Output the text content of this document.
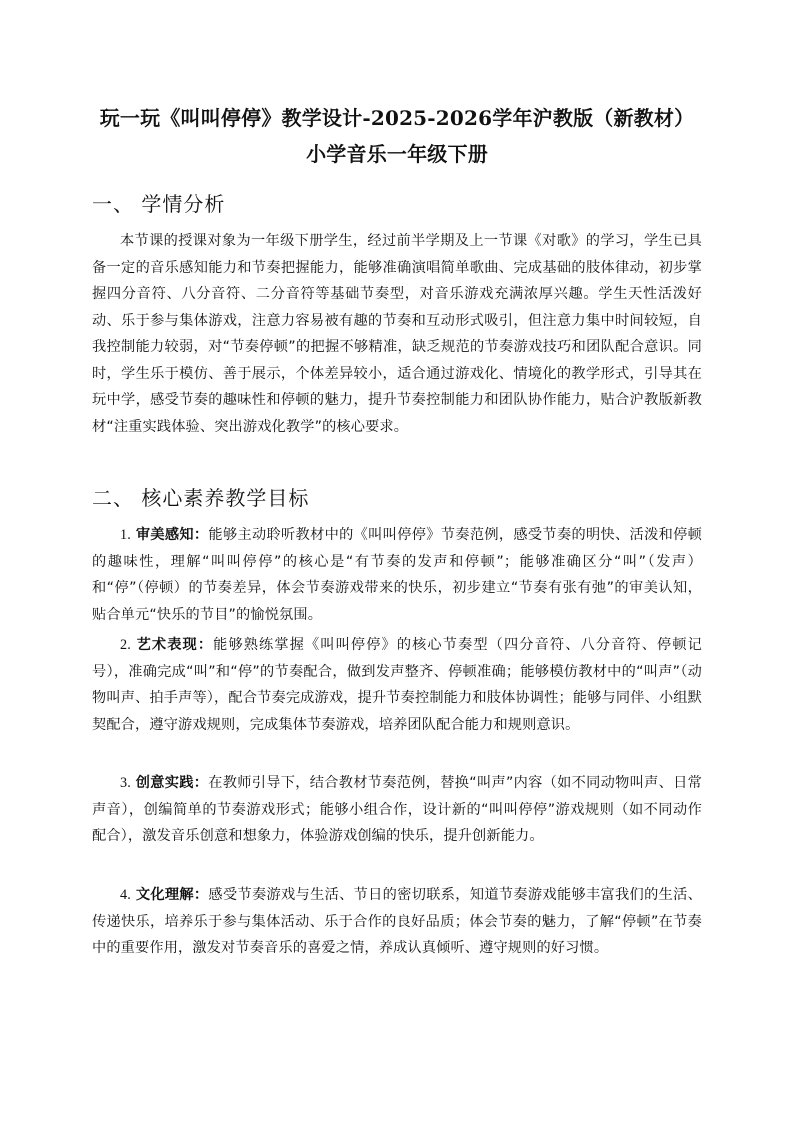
玩一玩《叫叫停停》教学设计-2025-2026学年沪教版（新教材）小学音乐一年级下册
一、 学情分析

本节课的授课对象为一年级下册学生，经过前半学期及上一节课《对歌》的学习，学生已具备一定的音乐感知能力和节奏把握能力，能够准确演唱简单歌曲、完成基础的肢体律动，初步掌握四分音符、八分音符、二分音符等基础节奏型，对音乐游戏充满浓厚兴趣。学生天性活泼好动、乐于参与集体游戏，注意力容易被有趣的节奏和互动形式吸引，但注意力集中时间较短，自我控制能力较弱，对“节奏停顿”的把握不够精准，缺乏规范的节奏游戏技巧和团队配合意识。同时，学生乐于模仿、善于展示，个体差异较小，适合通过游戏化、情境化的教学形式，引导其在玩中学，感受节奏的趣味性和停顿的魅力，提升节奏控制能力和团队协作能力，贴合沪教版新教材“注重实践体验、突出游戏化教学”的核心要求。

二、 核心素养教学目标

1. 审美感知：能够主动聆听教材中的《叫叫停停》节奏范例，感受节奏的明快、活泼和停顿的趣味性，理解“叫叫停停”的核心是“有节奏的发声和停顿”；能够准确区分“叫”（发声）和“停”（停顿）的节奏差异，体会节奏游戏带来的快乐，初步建立“节奏有张有弛”的审美认知，贴合单元“快乐的节目”的愉悦氛围。

2. 艺术表现：能够熟练掌握《叫叫停停》的核心节奏型（四分音符、八分音符、停顿记号），准确完成“叫”和“停”的节奏配合，做到发声整齐、停顿准确；能够模仿教材中的“叫声”（动物叫声、拍手声等），配合节奏完成游戏，提升节奏控制能力和肢体协调性；能够与同伴、小组默契配合，遵守游戏规则，完成集体节奏游戏，培养团队配合能力和规则意识。

3. 创意实践：在教师引导下，结合教材节奏范例，替换“叫声”内容（如不同动物叫声、日常声音），创编简单的节奏游戏形式；能够小组合作，设计新的“叫叫停停”游戏规则（如不同动作配合），激发音乐创意和想象力，体验游戏创编的快乐，提升创新能力。

4. 文化理解：感受节奏游戏与生活、节日的密切联系，知道节奏游戏能够丰富我们的生活、传递快乐，培养乐于参与集体活动、乐于合作的良好品质；体会节奏的魅力，了解“停顿”在节奏中的重要作用，激发对节奏音乐的喜爱之情，养成认真倾听、遵守规则的好习惯。
